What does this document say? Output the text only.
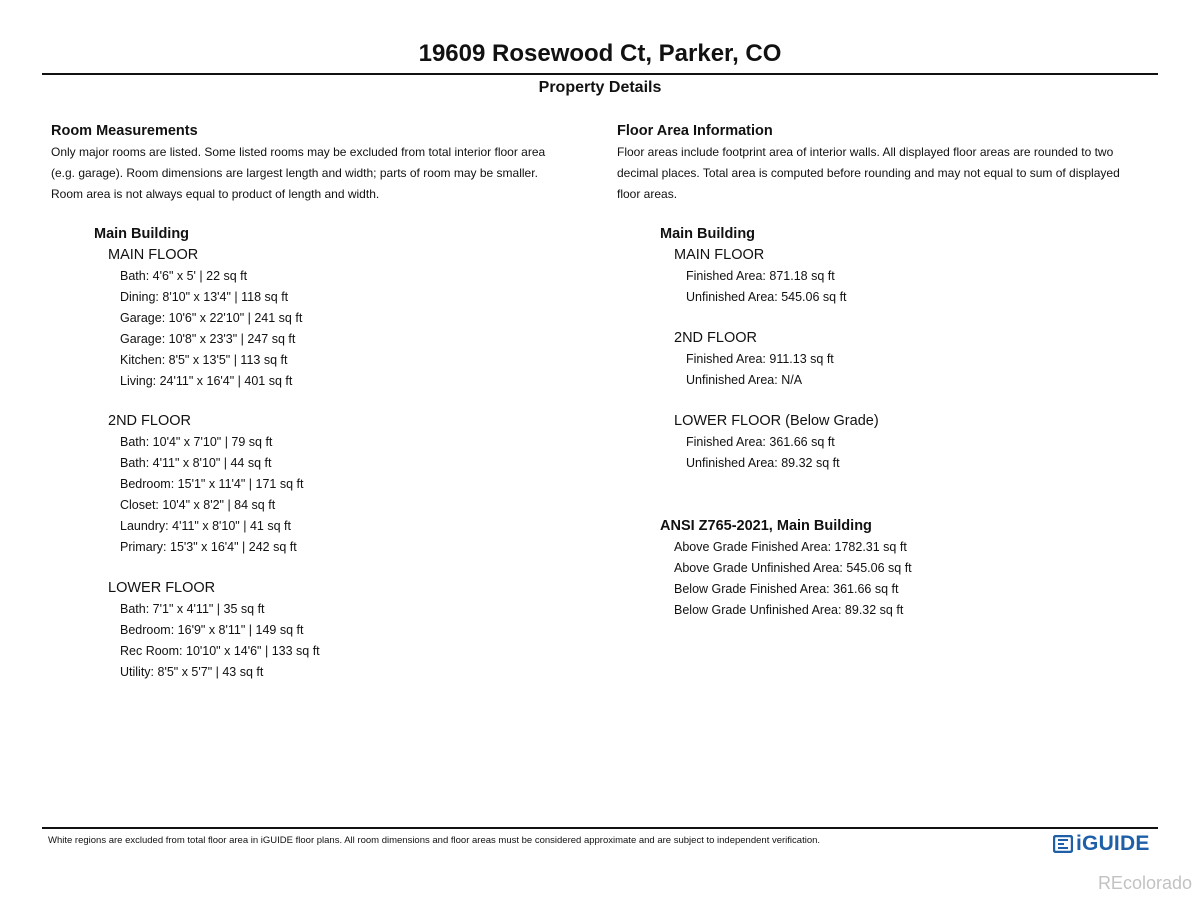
19609 Rosewood Ct, Parker, CO
Property Details
Room Measurements
Only major rooms are listed. Some listed rooms may be excluded from total interior floor area
(e.g. garage). Room dimensions are largest length and width; parts of room may be smaller.
Room area is not always equal to product of length and width.
Main Building
MAIN FLOOR
Bath: 4'6" x 5' | 22 sq ft
Dining: 8'10" x 13'4" | 118 sq ft
Garage: 10'6" x 22'10" | 241 sq ft
Garage: 10'8" x 23'3" | 247 sq ft
Kitchen: 8'5" x 13'5" | 113 sq ft
Living: 24'11" x 16'4" | 401 sq ft
2ND FLOOR
Bath: 10'4" x 7'10" | 79 sq ft
Bath: 4'11" x 8'10" | 44 sq ft
Bedroom: 15'1" x 11'4" | 171 sq ft
Closet: 10'4" x 8'2" | 84 sq ft
Laundry: 4'11" x 8'10" | 41 sq ft
Primary: 15'3" x 16'4" | 242 sq ft
LOWER FLOOR
Bath: 7'1" x 4'11" | 35 sq ft
Bedroom: 16'9" x 8'11" | 149 sq ft
Rec Room: 10'10" x 14'6" | 133 sq ft
Utility: 8'5" x 5'7" | 43 sq ft
Floor Area Information
Floor areas include footprint area of interior walls. All displayed floor areas are rounded to two
decimal places. Total area is computed before rounding and may not equal to sum of displayed
floor areas.
Main Building
MAIN FLOOR
Finished Area: 871.18 sq ft
Unfinished Area: 545.06 sq ft
2ND FLOOR
Finished Area: 911.13 sq ft
Unfinished Area: N/A
LOWER FLOOR (Below Grade)
Finished Area: 361.66 sq ft
Unfinished Area: 89.32 sq ft
ANSI Z765-2021, Main Building
Above Grade Finished Area: 1782.31 sq ft
Above Grade Unfinished Area: 545.06 sq ft
Below Grade Finished Area: 361.66 sq ft
Below Grade Unfinished Area: 89.32 sq ft
White regions are excluded from total floor area in iGUIDE floor plans. All room dimensions and floor areas must be considered approximate and are subject to independent verification.	iGUIDE
REcolorado
